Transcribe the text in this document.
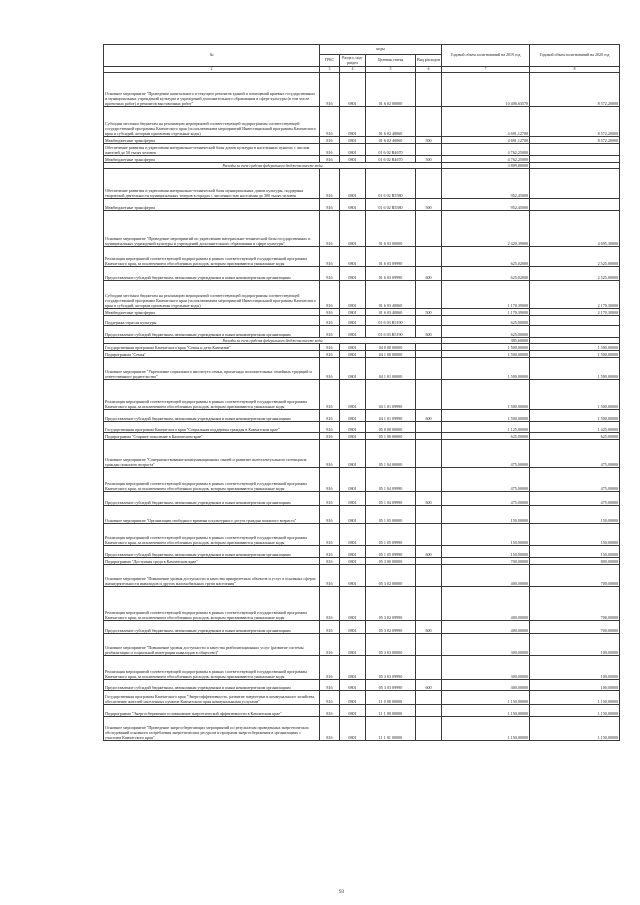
№	коды				Годовой объем ассигнований на 2019 год	Годовой объем ассигнований на 2020 год
	ГРБС	Раздел, под-раздел	Целевая статья	Вид расходов		
2	3	4	5	6	7	8
Основное мероприятие "Проведение капитального и текущего ремонтов зданий и помещений краевых государственных и муниципальных учреждений культуры и учреждений дополнительного образования в сфере культуры (в том числе проектных работ) и ремонтов выставочных работ"	816	0801	01 6 02 00000		10 406,63570	8 572,20000
Субсидии местным бюджетам на реализацию мероприятий соответствующей подпрограммы соответствующей государственной программы Камчатского края (за исключением мероприятий Инвестиционной программы Камчатского края и субсидий, которым присвоены отдельные коды)	816	0801	01 6 02 40060		4 691,12700	8 572,20000
Межбюджетные трансферты	816	0801	01 6 02 40060	500	4 691,12700	8 572,20000
Обеспечение развития и укрепления материально-технической базы домов культуры в населенных пунктах с числом жителей до 50 тысяч человек	816	0801	01 6 02 R4670		4 762,25000	
Межбюджетные трансферты	816	0801	01 6 02 R4670	500	4 762,25000	
Расходы за счет средств федерального бюджета вместе коды					3 809,80000	
Обеспечение развития и укрепления материально-технической базы муниципальных домов культуры, поддержка творческой деятельности муниципальных театров в городах с численностью населения до 300 тысяч человек	816	0801	01 6 02 R5580		952,45000	
Межбюджетные трансферты	816	0801	01 6 02 R5580	500	952,45000	
Основное мероприятие "Проведение мероприятий по укреплению материально-технической базы государственных и муниципальных учреждений культуры и учреждений дополнительного образования в сфере культуры"	816	0801	01 6 03 00000		2 420,39000	4 695,30000
Реализация мероприятий соответствующей подпрограммы в рамках соответствующей государственной программы Камчатского края, за исключением обособленных расходов, которым присваиваются уникальные коды	816	0801	01 6 03 09990		625,02000	2 525,00000
Предоставление субсидий бюджетным, автономным учреждениям и иным некоммерческим организациям	816	0801	01 6 03 09990	600	625,02000	2 525,00000
Субсидии местным бюджетам на реализацию мероприятий соответствующей подпрограммы соответствующей государственной программы Камчатского края (за исключением мероприятий Инвестиционной программы Камчатского края и субсидий, которым присвоены отдельные коды)	816	0801	01 6 03 40060		1 170,39000	2 170,30000
Межбюджетные трансферты	816	0801	01 6 03 40060	500	1 170,39000	2 170,30000
Поддержка отрасли культуры	816	0801	01 6 03 R5190		625,00000	
Предоставление субсидий бюджетным, автономным учреждениям и иным некоммерческим организациям	816	0801	01 6 03 R5190	600	625,00000	
Расходы за счет средств федерального бюджета вместе коды					385,60000	
Государственная программа Камчатского края "Семья и дети Камчатки"	816	0801	04 0 00 00000		1 500,00000	1 500,00000
Подпрограмма "Семья"	816	0801	04 1 00 00000		1 500,00000	1 500,00000
Основное мероприятие "Укрепление социального института семьи, пропаганда положительных семейных традиций и ответственного родительства"	816	0801	04 1 01 00000		1 500,00000	1 500,00000
Реализация мероприятий соответствующей подпрограммы в рамках соответствующей государственной программы Камчатского края, за исключением обособленных расходов, которым присваиваются уникальные коды	816	0801	04 1 01 09990		1 500,00000	1 500,00000
Предоставление субсидий бюджетным, автономным учреждениям и иным некоммерческим организациям	816	0801	04 1 01 09990	600	1 500,00000	1 500,00000
Государственная программа Камчатского края "Социальная поддержка граждан в Камчатском крае"	816	0801	05 0 00 00000		1 125,00000	1 425,00000
Подпрограмма "Старшее поколение в Камчатском крае"	816	0801	05 1 00 00000		625,00000	625,00000
Основное мероприятие "Совершенствование коммуникационных связей и развитие интеллектуального потенциала граждан пожилого возраста"	816	0801	05 1 04 00000		475,00000	475,00000
Реализация мероприятий соответствующей подпрограммы в рамках соответствующей государственной программы Камчатского края, за исключением обособленных расходов, которым присваиваются уникальные коды	816	0801	05 1 04 09990		475,00000	475,00000
Предоставление субсидий бюджетным, автономным учреждениям и иным некоммерческим организациям	816	0801	05 1 04 09990	600	475,00000	475,00000
Основное мероприятие "Организация свободного времени и культурного досуга граждан пожилого возраста"	816	0801	05 1 05 00000		150,00000	150,00000
Реализация мероприятий соответствующей подпрограммы в рамках соответствующей государственной программы Камчатского края, за исключением обособленных расходов, которым присваиваются уникальные коды	816	0801	05 1 05 09990		150,00000	150,00000
Предоставление субсидий бюджетным, автономным учреждениям и иным некоммерческим организациям	816	0801	05 1 05 09990	600	150,00000	150,00000
Подпрограмма "Доступная среда в Камчатском крае"	816	0801	05 3 00 00000		700,00000	800,00000
Основное мероприятие "Повышение уровня доступности и качества приоритетных объектов и услуг в основных сферах жизнедеятельности инвалидов и других маломобильных групп населения"	816	0801	05 3 02 00000		400,00000	700,00000
Реализация мероприятий соответствующей подпрограммы в рамках соответствующей государственной программы Камчатского края, за исключением обособленных расходов, которым присваиваются уникальные коды	816	0801	05 3 02 09990		400,00000	700,00000
Предоставление субсидий бюджетным, автономным учреждениям и иным некоммерческим организациям	816	0801	05 3 02 09990	600	400,00000	700,00000
Основное мероприятие "Повышение уровня доступности и качества реабилитационных услуг (развитие системы реабилитации и социальной интеграции инвалидов в общество)"	816	0801	05 3 03 00000		300,00000	100,00000
Реализация мероприятий соответствующей подпрограммы в рамках соответствующей государственной программы Камчатского края, за исключением обособленных расходов, которым присваиваются уникальные коды	816	0801	05 3 03 09990		300,00000	100,00000
Предоставление субсидий бюджетным, автономным учреждениям и иным некоммерческим организациям	816	0801	05 3 03 09990	600	300,00000	100,00000
Государственная программа Камчатского края "Энергоэффективность, развитие энергетики и коммунального хозяйства, обеспечение жителей населенных пунктов Камчатского края коммунальными услугами"	816	0801	11 0 00 00000		1 150,00000	1 150,00000
Подпрограмма "Энергосбережение и повышение энергетической эффективности в Камчатском крае"	816	0801	11 1 00 00000		1 150,00000	1 150,00000
Основное мероприятие "Проведение энергосберегающих мероприятий по результатам проведенных энергетических обследований основного потребления энергетических ресурсов и программ энергосбережения в организациях с участием Камчатского края"	816	0801	11 1 01 00000		1 150,00000	1 150,00000
93
